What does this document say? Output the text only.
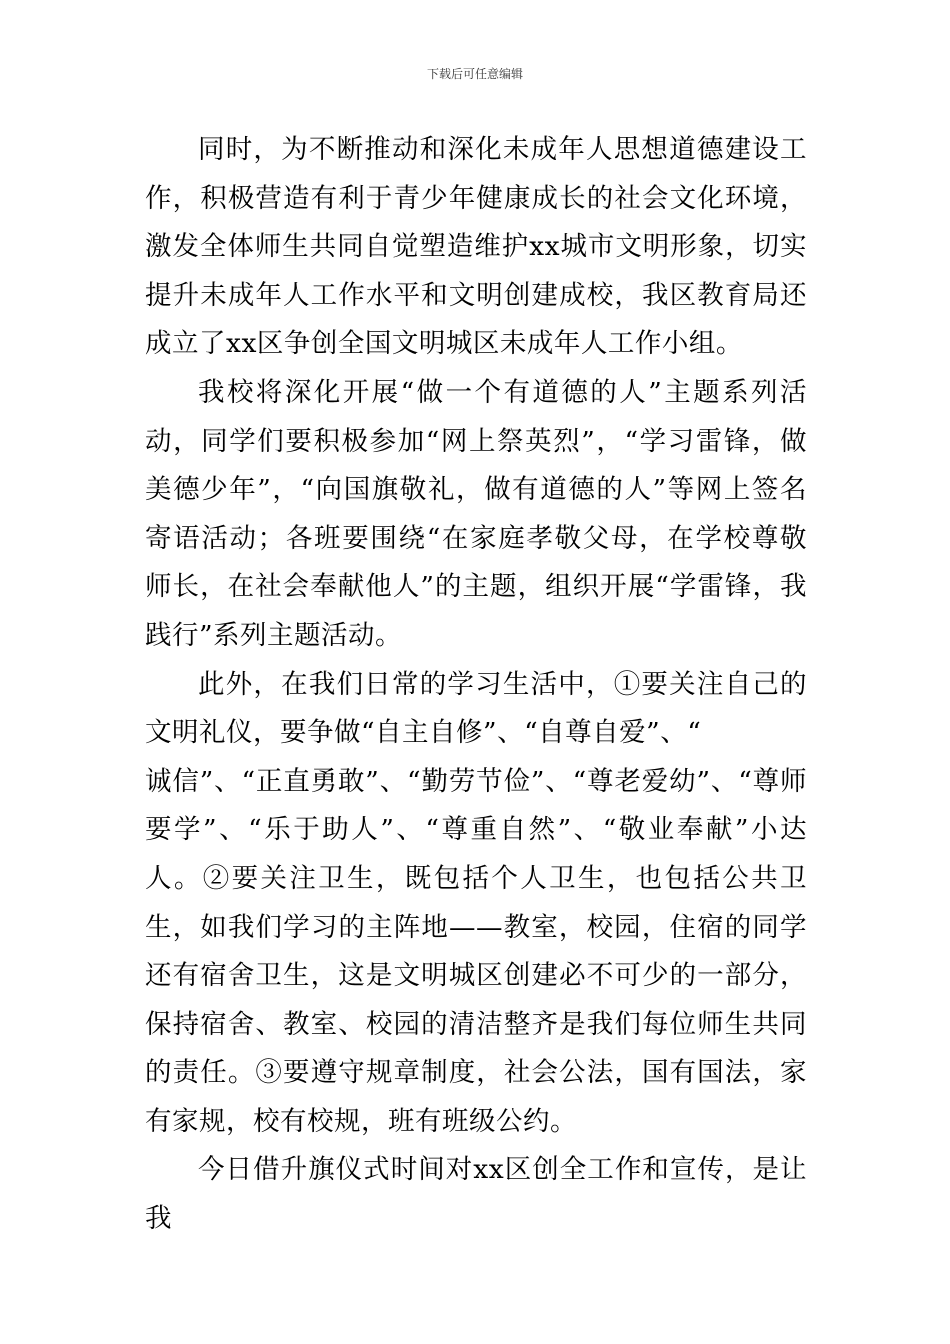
下载后可任意编辑

同时，为不断推动和深化未成年人思想道德建设工作，积极营造有利于青少年健康成长的社会文化环境，激发全体师生共同自觉塑造维护xx城市文明形象，切实提升未成年人工作水平和文明创建成校，我区教育局还成立了xx区争创全国文明城区未成年人工作小组。

我校将深化开展“做一个有道德的人”主题系列活动，同学们要积极参加“网上祭英烈”，“学习雷锋，做美德少年”，“向国旗敬礼，做有道德的人”等网上签名寄语活动；各班要围绕“在家庭孝敬父母，在学校尊敬师长，在社会奉献他人”的主题，组织开展“学雷锋，我践行”系列主题活动。

此外，在我们日常的学习生活中，①要关注自己的文明礼仪，要争做“自主自修”、“自尊自爱”、“

诚信”、“正直勇敢”、“勤劳节俭”、“尊老爱幼”、“尊师要学”、“乐于助人”、“尊重自然”、“敬业奉献”小达人。②要关注卫生，既包括个人卫生，也包括公共卫生，如我们学习的主阵地——教室，校园，住宿的同学还有宿舍卫生，这是文明城区创建必不可少的一部分，保持宿舍、教室、校园的清洁整齐是我们每位师生共同的责任。③要遵守规章制度，社会公法，国有国法，家有家规，校有校规，班有班级公约。

今日借升旗仪式时间对xx区创全工作和宣传，是让我
